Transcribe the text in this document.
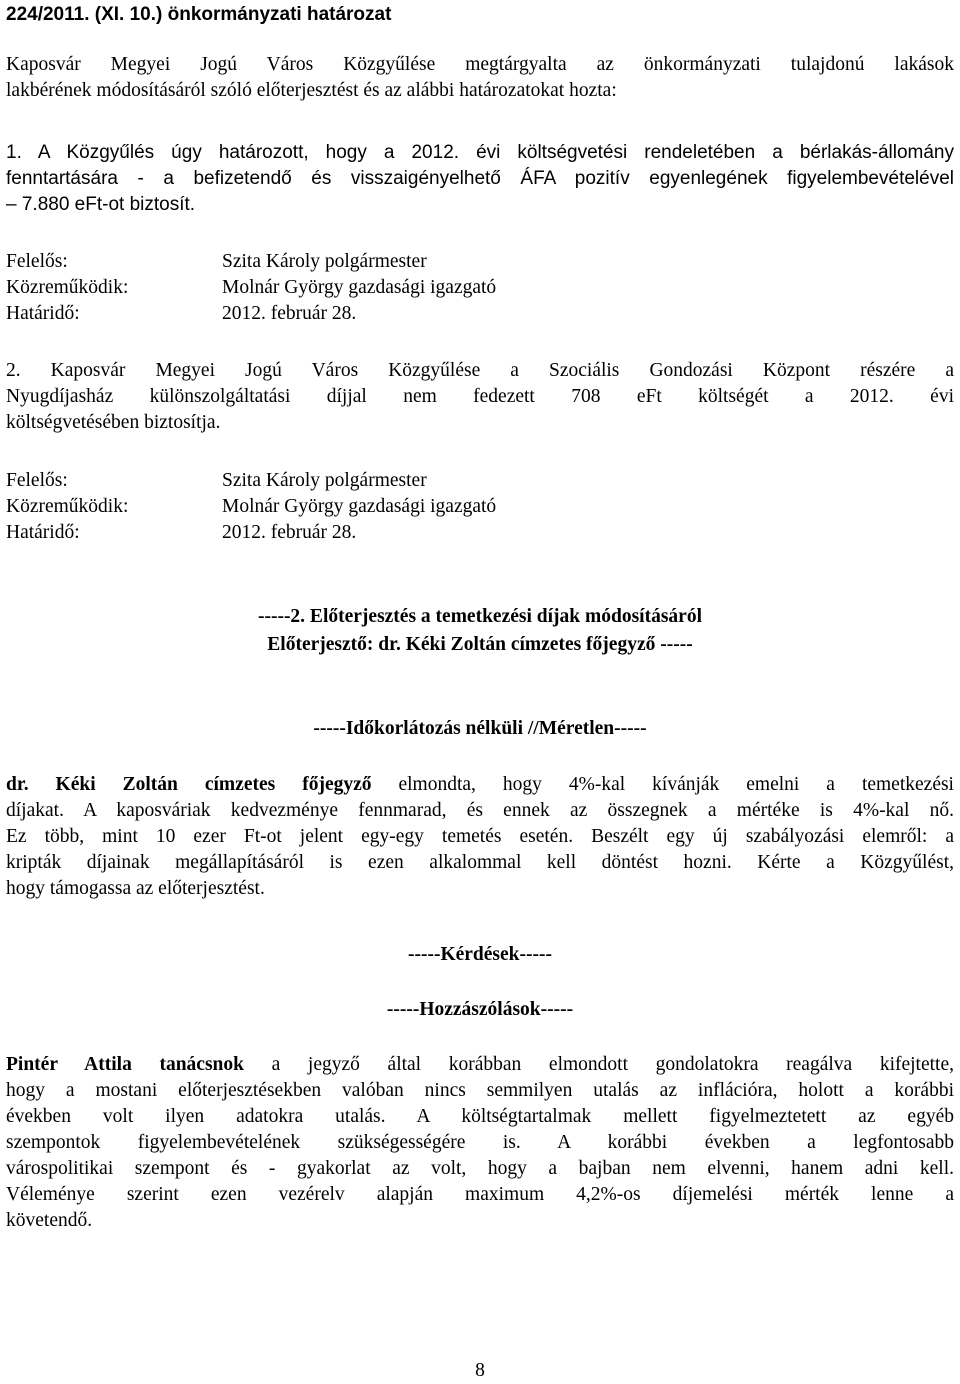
224/2011. (XI. 10.) önkormányzati határozat
Kaposvár Megyei Jogú Város Közgyűlése megtárgyalta az önkormányzati tulajdonú lakások
lakbérének módosításáról szóló előterjesztést és az alábbi határozatokat hozta:
1. A Közgyűlés úgy határozott, hogy a 2012. évi költségvetési rendeletében a bérlakás-állomány
fenntartására - a befizetendő és visszaigényelhető ÁFA pozitív egyenlegének figyelembevételével
– 7.880 eFt-ot biztosít.
Felelős:	Szita Károly polgármester
Közreműködik:	Molnár György gazdasági igazgató
Határidő:	2012. február 28.
2. Kaposvár Megyei Jogú Város Közgyűlése a Szociális Gondozási Központ részére a
Nyugdíjasház különszolgáltatási díjjal nem fedezett 708 eFt költségét a 2012. évi
költségvetésében biztosítja.
Felelős:	Szita Károly polgármester
Közreműködik:	Molnár György gazdasági igazgató
Határidő:	2012. február 28.
-----2. Előterjesztés a temetkezési díjak módosításáról
Előterjesztő: dr. Kéki Zoltán címzetes főjegyző -----
-----Időkorlátozás nélküli //Méretlen-----
dr. Kéki Zoltán címzetes főjegyző elmondta, hogy 4%-kal kívánják emelni a temetkezési
díjakat. A kaposváriak kedvezménye fennmarad, és ennek az összegnek a mértéke is 4%-kal nő.
Ez több, mint 10 ezer Ft-ot jelent egy-egy temetés esetén. Beszélt egy új szabályozási elemről: a
kripták díjainak megállapításáról is ezen alkalommal kell döntést hozni. Kérte a Közgyűlést,
hogy támogassa az előterjesztést.
-----Kérdések-----
-----Hozzászólások-----
Pintér Attila tanácsnok a jegyző által korábban elmondott gondolatokra reagálva kifejtette,
hogy a mostani előterjesztésekben valóban nincs semmilyen utalás az inflációra, holott a korábbi
években volt ilyen adatokra utalás. A költségtartalmak mellett figyelmeztetett az egyéb
szempontok figyelembevételének szükségességére is. A korábbi években a legfontosabb
várospolitikai szempont és - gyakorlat az volt, hogy a bajban nem elvenni, hanem adni kell.
Véleménye szerint ezen vezérelv alapján maximum 4,2%-os díjemelési mérték lenne a
követendő.
8
